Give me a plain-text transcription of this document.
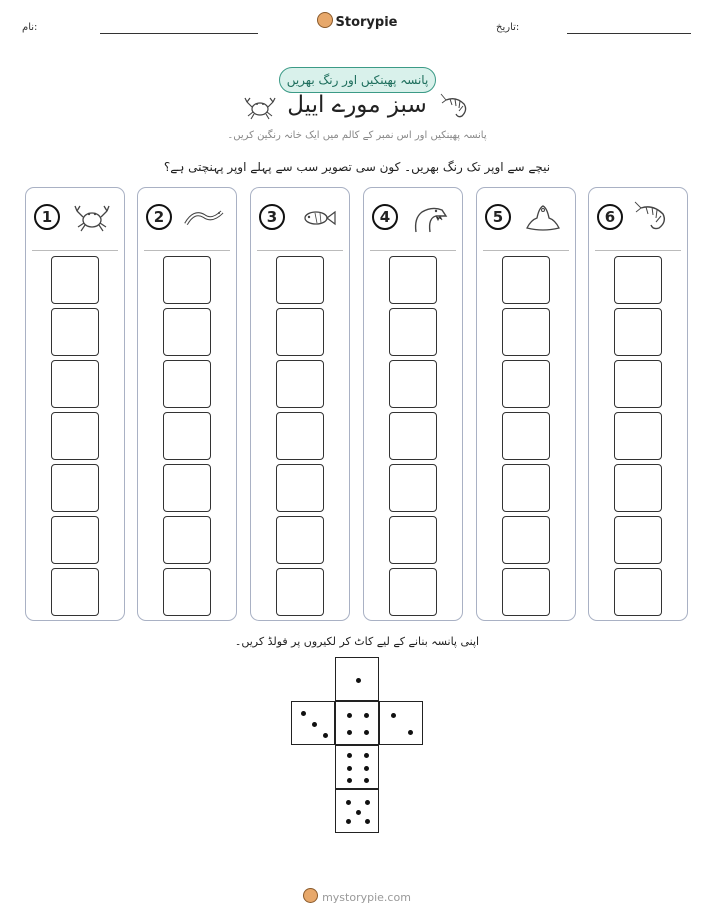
نام:	Storypie	تاریخ:
پانسہ پھینکیں اور رنگ بھریں
سبز مورے اییل
پانسہ پھینکیں اور اس نمبر کے کالم میں ایک خانہ رنگین کریں۔
نیچے سے اوپر تک رنگ بھریں۔ کون سی تصویر سب سے پہلے اوپر پہنچتی ہے؟
1	2	3	4	5	6
اپنی پانسہ بنانے کے لیے کاٹ کر لکیروں پر فولڈ کریں۔
mystorypie.com
